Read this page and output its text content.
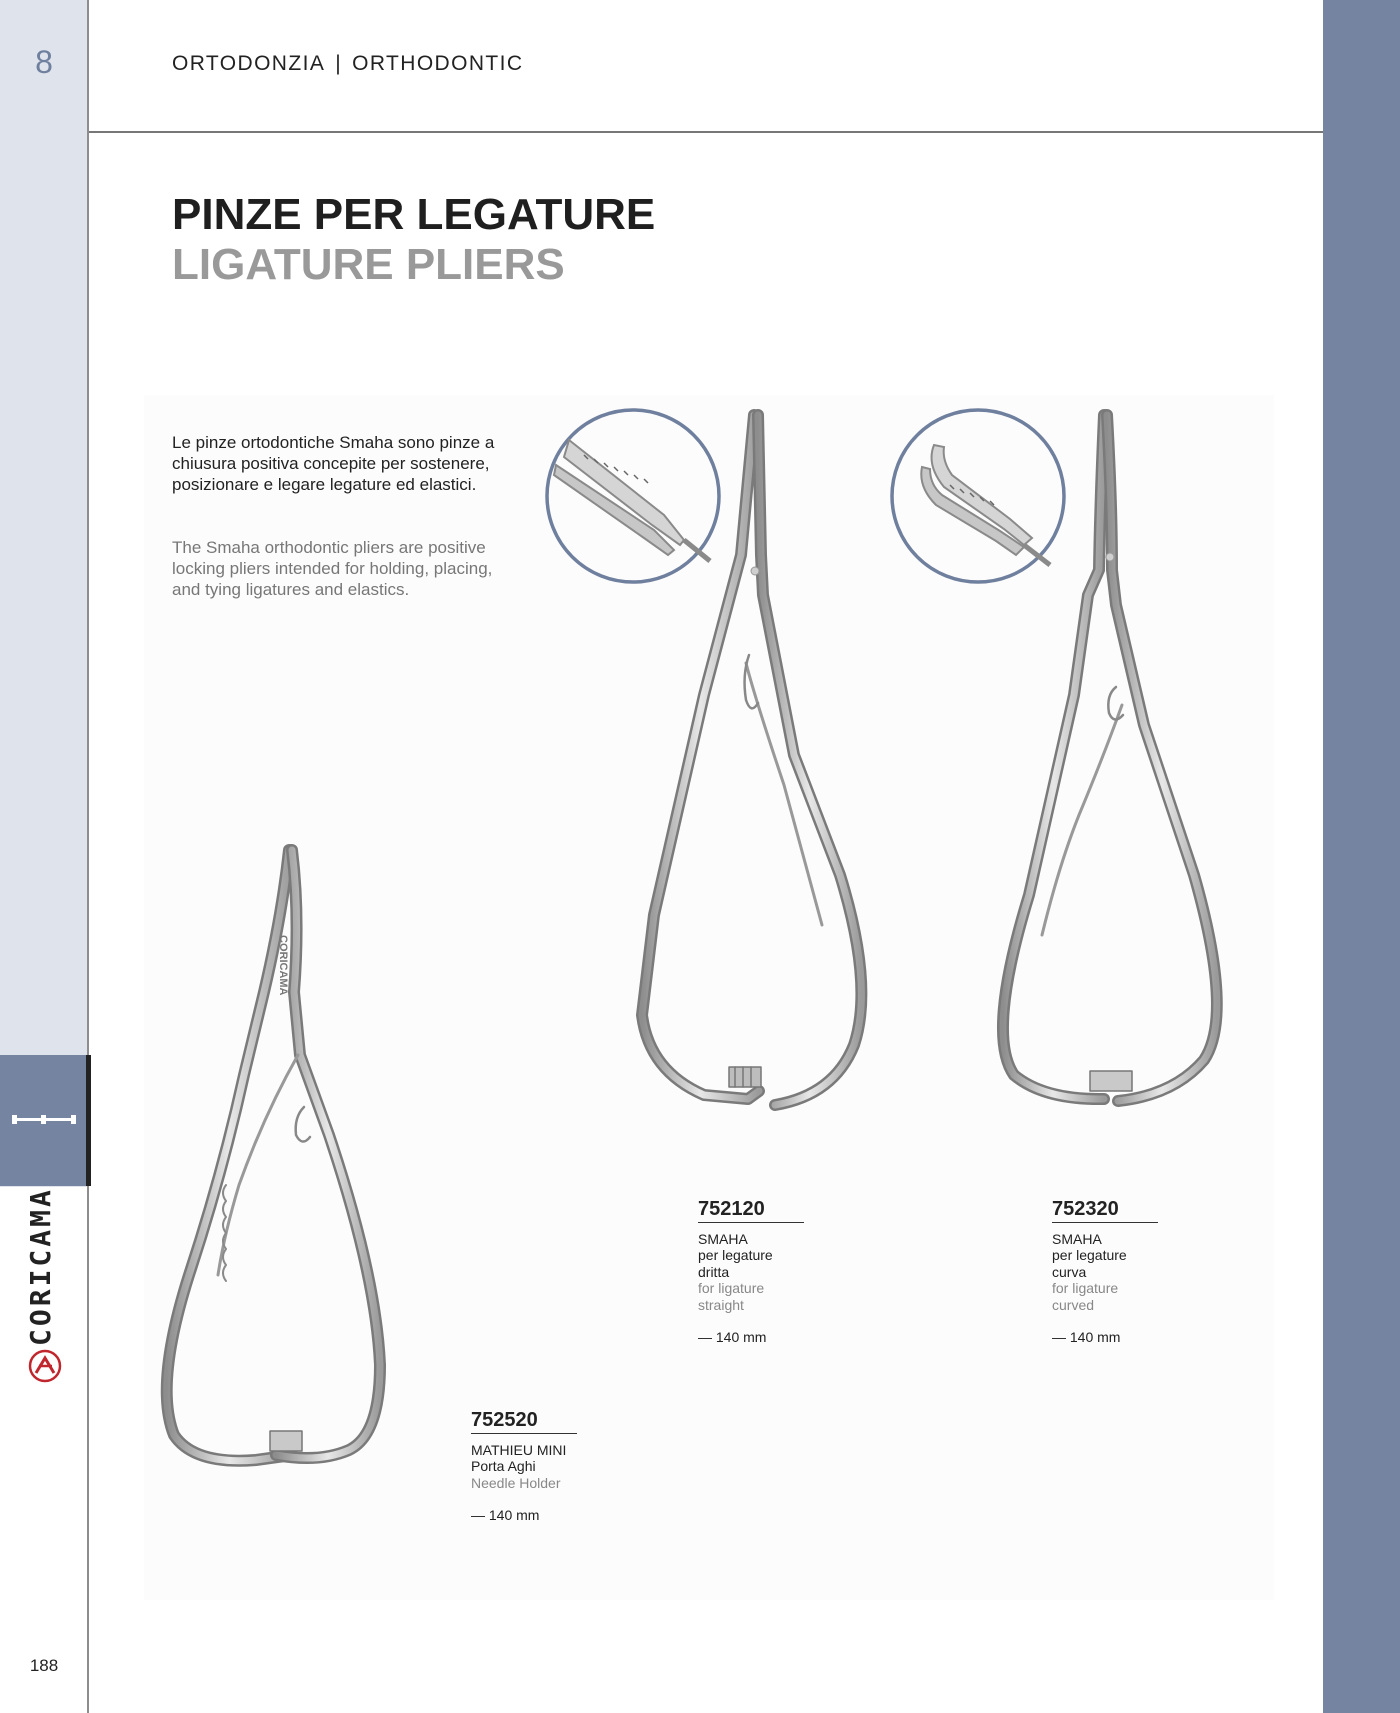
8
CORICAMA
188
ORTODONZIA | ORTHODONTIC
PINZE PER LEGATURE
LIGATURE PLIERS
Le pinze ortodontiche Smaha sono pinze a chiusura positiva concepite per sostenere, posizionare e legare legature ed elastici.
The Smaha orthodontic pliers are positive locking pliers intended for holding, placing, and tying ligatures and elastics.
CORICAMA
752120
SMAHA
per legature
dritta
for ligature
straight
— 140 mm
752320
SMAHA
per legature
curva
for ligature
curved
— 140 mm
752520
MATHIEU MINI
Porta Aghi
Needle Holder
— 140 mm
